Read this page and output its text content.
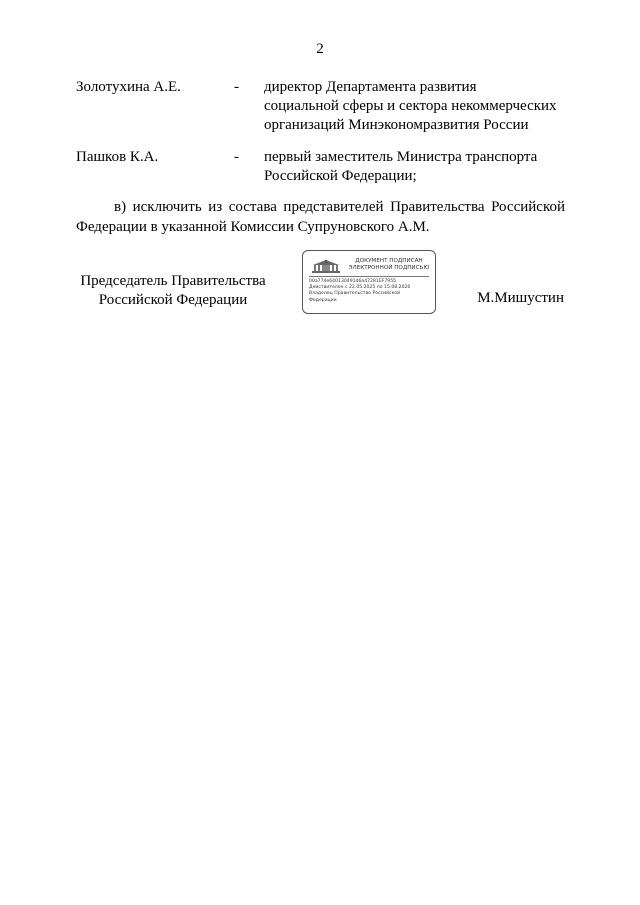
2
Золотухина А.Е.	- директор Департамента развития
социальной сферы и сектора некоммерческих
организаций Минэкономразвития России
Пашков К.А.	- первый заместитель Министра транспорта
Российской Федерации;
в) исключить из состава представителей Правительства Российской Федерации в указанной Комиссии Супруновского А.М.
Председатель Правительства
Российской Федерации
ДОКУМЕНТ ПОДПИСАН
ЭЛЕКТРОННОЙ ПОДПИСЬЮ
00a774e640130491d6a47281EF7955
Действителен с 22.05.2025 по 15.08.2026
Владелец Правительство Российской
Федерации	М.Мишустин
